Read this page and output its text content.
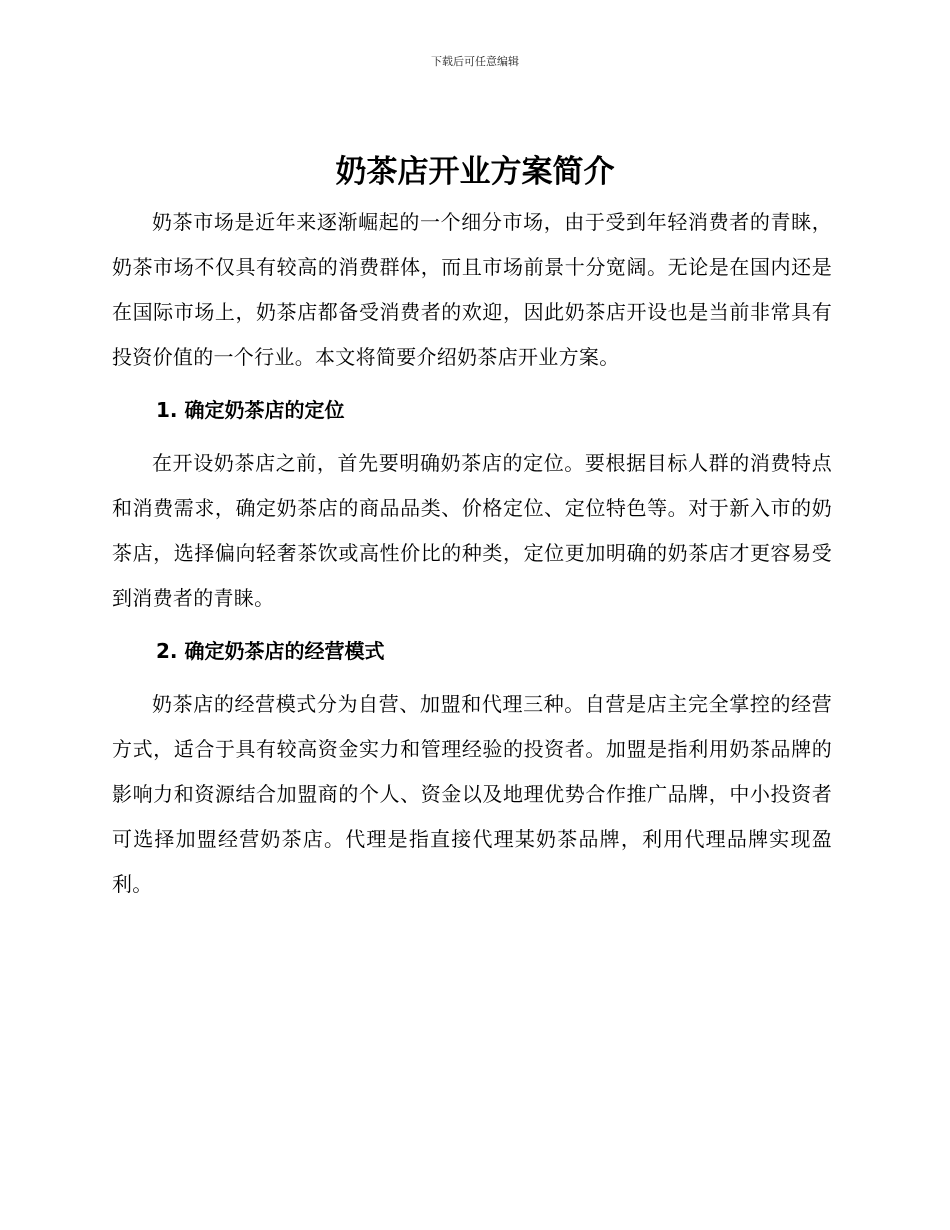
下载后可任意编辑
奶茶店开业方案简介

奶茶市场是近年来逐渐崛起的一个细分市场，由于受到年轻消费者的青睐，奶茶市场不仅具有较高的消费群体，而且市场前景十分宽阔。无论是在国内还是在国际市场上，奶茶店都备受消费者的欢迎，因此奶茶店开设也是当前非常具有投资价值的一个行业。本文将简要介绍奶茶店开业方案。

1. 确定奶茶店的定位

在开设奶茶店之前，首先要明确奶茶店的定位。要根据目标人群的消费特点和消费需求，确定奶茶店的商品品类、价格定位、定位特色等。对于新入市的奶茶店，选择偏向轻奢茶饮或高性价比的种类，定位更加明确的奶茶店才更容易受到消费者的青睐。

2. 确定奶茶店的经营模式

奶茶店的经营模式分为自营、加盟和代理三种。自营是店主完全掌控的经营方式，适合于具有较高资金实力和管理经验的投资者。加盟是指利用奶茶品牌的影响力和资源结合加盟商的个人、资金以及地理优势合作推广品牌，中小投资者可选择加盟经营奶茶店。代理是指直接代理某奶茶品牌，利用代理品牌实现盈利。
